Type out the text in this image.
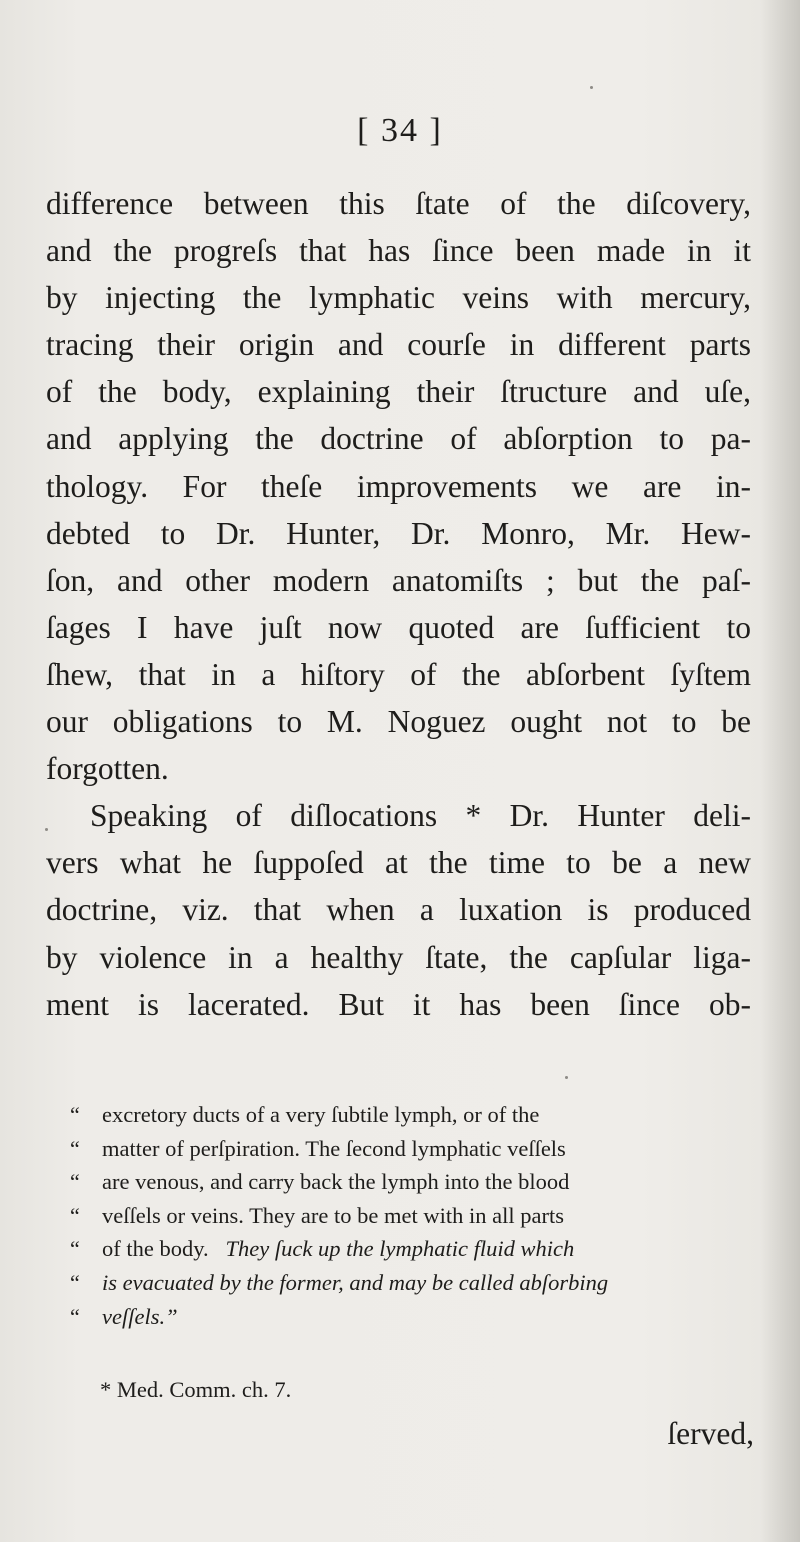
[ 34 ]
difference between this ſtate of the diſcovery,
and the progreſs that has ſince been made in it
by injecting the lymphatic veins with mercury,
tracing their origin and courſe in different parts
of the body, explaining their ſtructure and uſe,
and applying the doctrine of abſorption to pa-
thology. For theſe improvements we are in-
debted to Dr. Hunter, Dr. Monro, Mr. Hew-
ſon, and other modern anatomiſts ; but the paſ-
ſages I have juſt now quoted are ſufficient to
ſhew, that in a hiſtory of the abſorbent ſyſtem
our obligations to M. Noguez ought not to be
forgotten.
Speaking of diſlocations * Dr. Hunter deli-
vers what he ſuppoſed at the time to be a new
doctrine, viz. that when a luxation is produced
by violence in a healthy ſtate, the capſular liga-
ment is lacerated. But it has been ſince ob-
“ excretory ducts of a very ſubtile lymph, or of the
“ matter of perſpiration. The ſecond lymphatic veſſels
“ are venous, and carry back the lymph into the blood
“ veſſels or veins. They are to be met with in all parts
“ of the body. They ſuck up the lymphatic fluid which
“ is evacuated by the former, and may be called abſorbing
“ veſſels.”
* Med. Comm. ch. 7.
ſerved,
